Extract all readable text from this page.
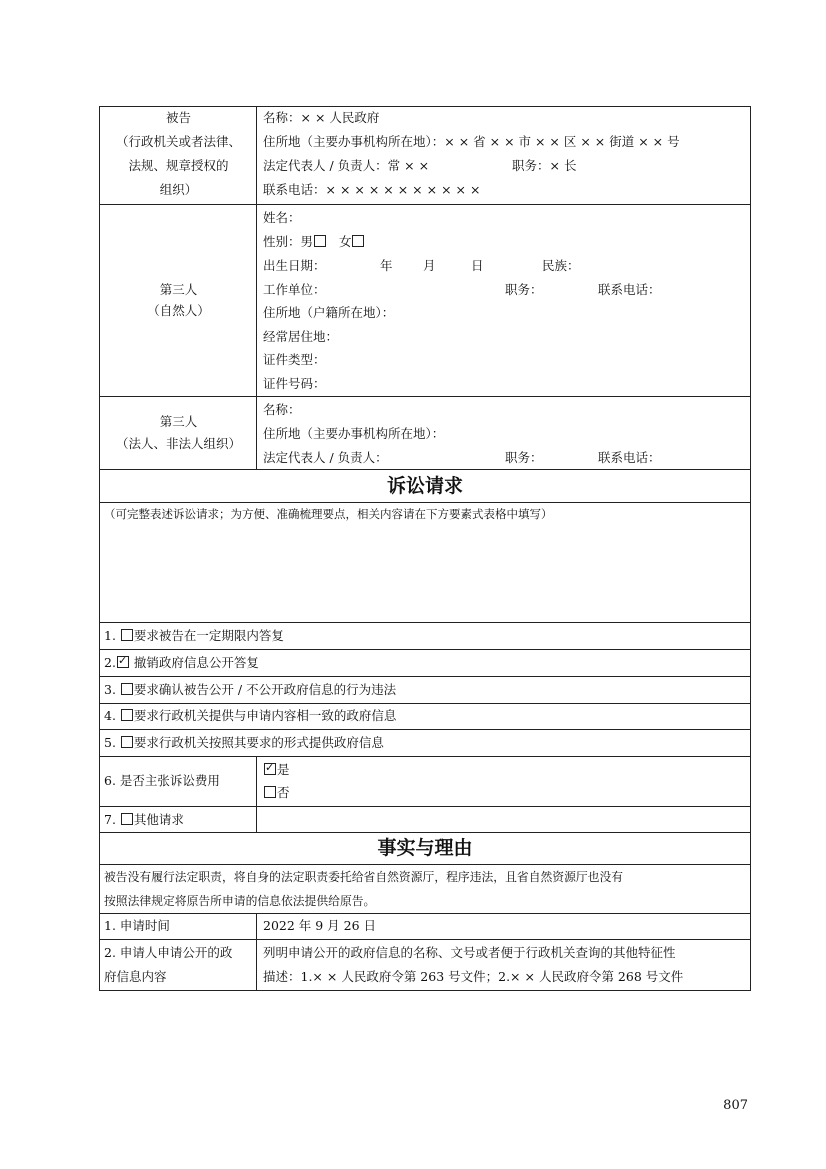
被告
（行政机关或者法律、
法规、规章授权的
组织）
名称：× × 人民政府
住所地（主要办事机构所在地）：× × 省 × × 市 × × 区 × × 街道 × × 号
法定代表人 / 负责人：常 × ×	职务：× 长
联系电话：× × × × × × × × × × ×
第三人
（自然人）
姓名：
性别：男 女
出生日期：	年 月	日	民族：
工作单位：	职务：	联系电话：
住所地（户籍所在地）：
经常居住地：
证件类型：
证件号码：
第三人
（法人、非法人组织）
名称：
住所地（主要办事机构所在地）：
法定代表人 / 负责人：	职务：	联系电话：
诉讼请求
（可完整表述诉讼请求；为方便、准确梳理要点，相关内容请在下方要素式表格中填写）
1. 要求被告在一定期限内答复
2.✓ 撤销政府信息公开答复
3. 要求确认被告公开 / 不公开政府信息的行为违法
4. 要求行政机关提供与申请内容相一致的政府信息
5. 要求行政机关按照其要求的形式提供政府信息
6. 是否主张诉讼费用
✓是
否
7. 其他请求
事实与理由
被告没有履行法定职责，将自身的法定职责委托给省自然资源厅，程序违法，且省自然资源厅也没有
按照法律规定将原告所申请的信息依法提供给原告。
1. 申请时间	2022 年 9 月 26 日
2. 申请人申请公开的政
府信息内容
列明申请公开的政府信息的名称、文号或者便于行政机关查询的其他特征性
描述：1.× × 人民政府令第 263 号文件；2.× × 人民政府令第 268 号文件
807
